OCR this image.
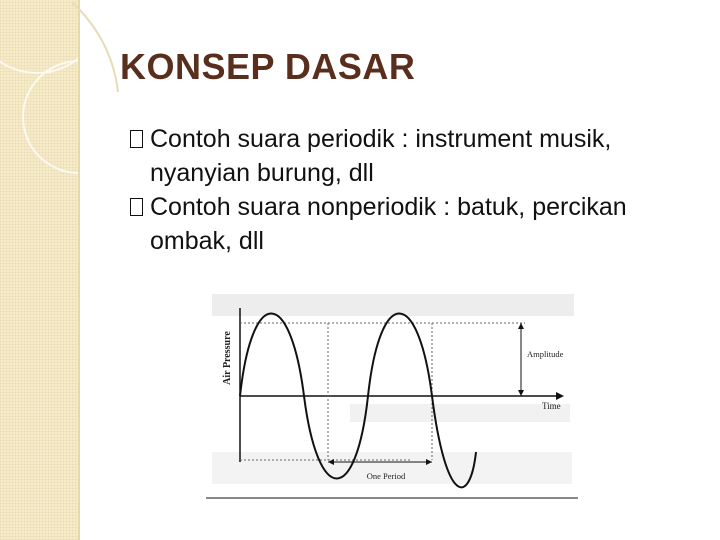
KONSEP DASAR
Contoh suara periodik : instrument musik, nyanyian burung, dll
Contoh suara nonperiodik : batuk, percikan ombak, dll
Air Pressure
Time
Amplitude
One Period
